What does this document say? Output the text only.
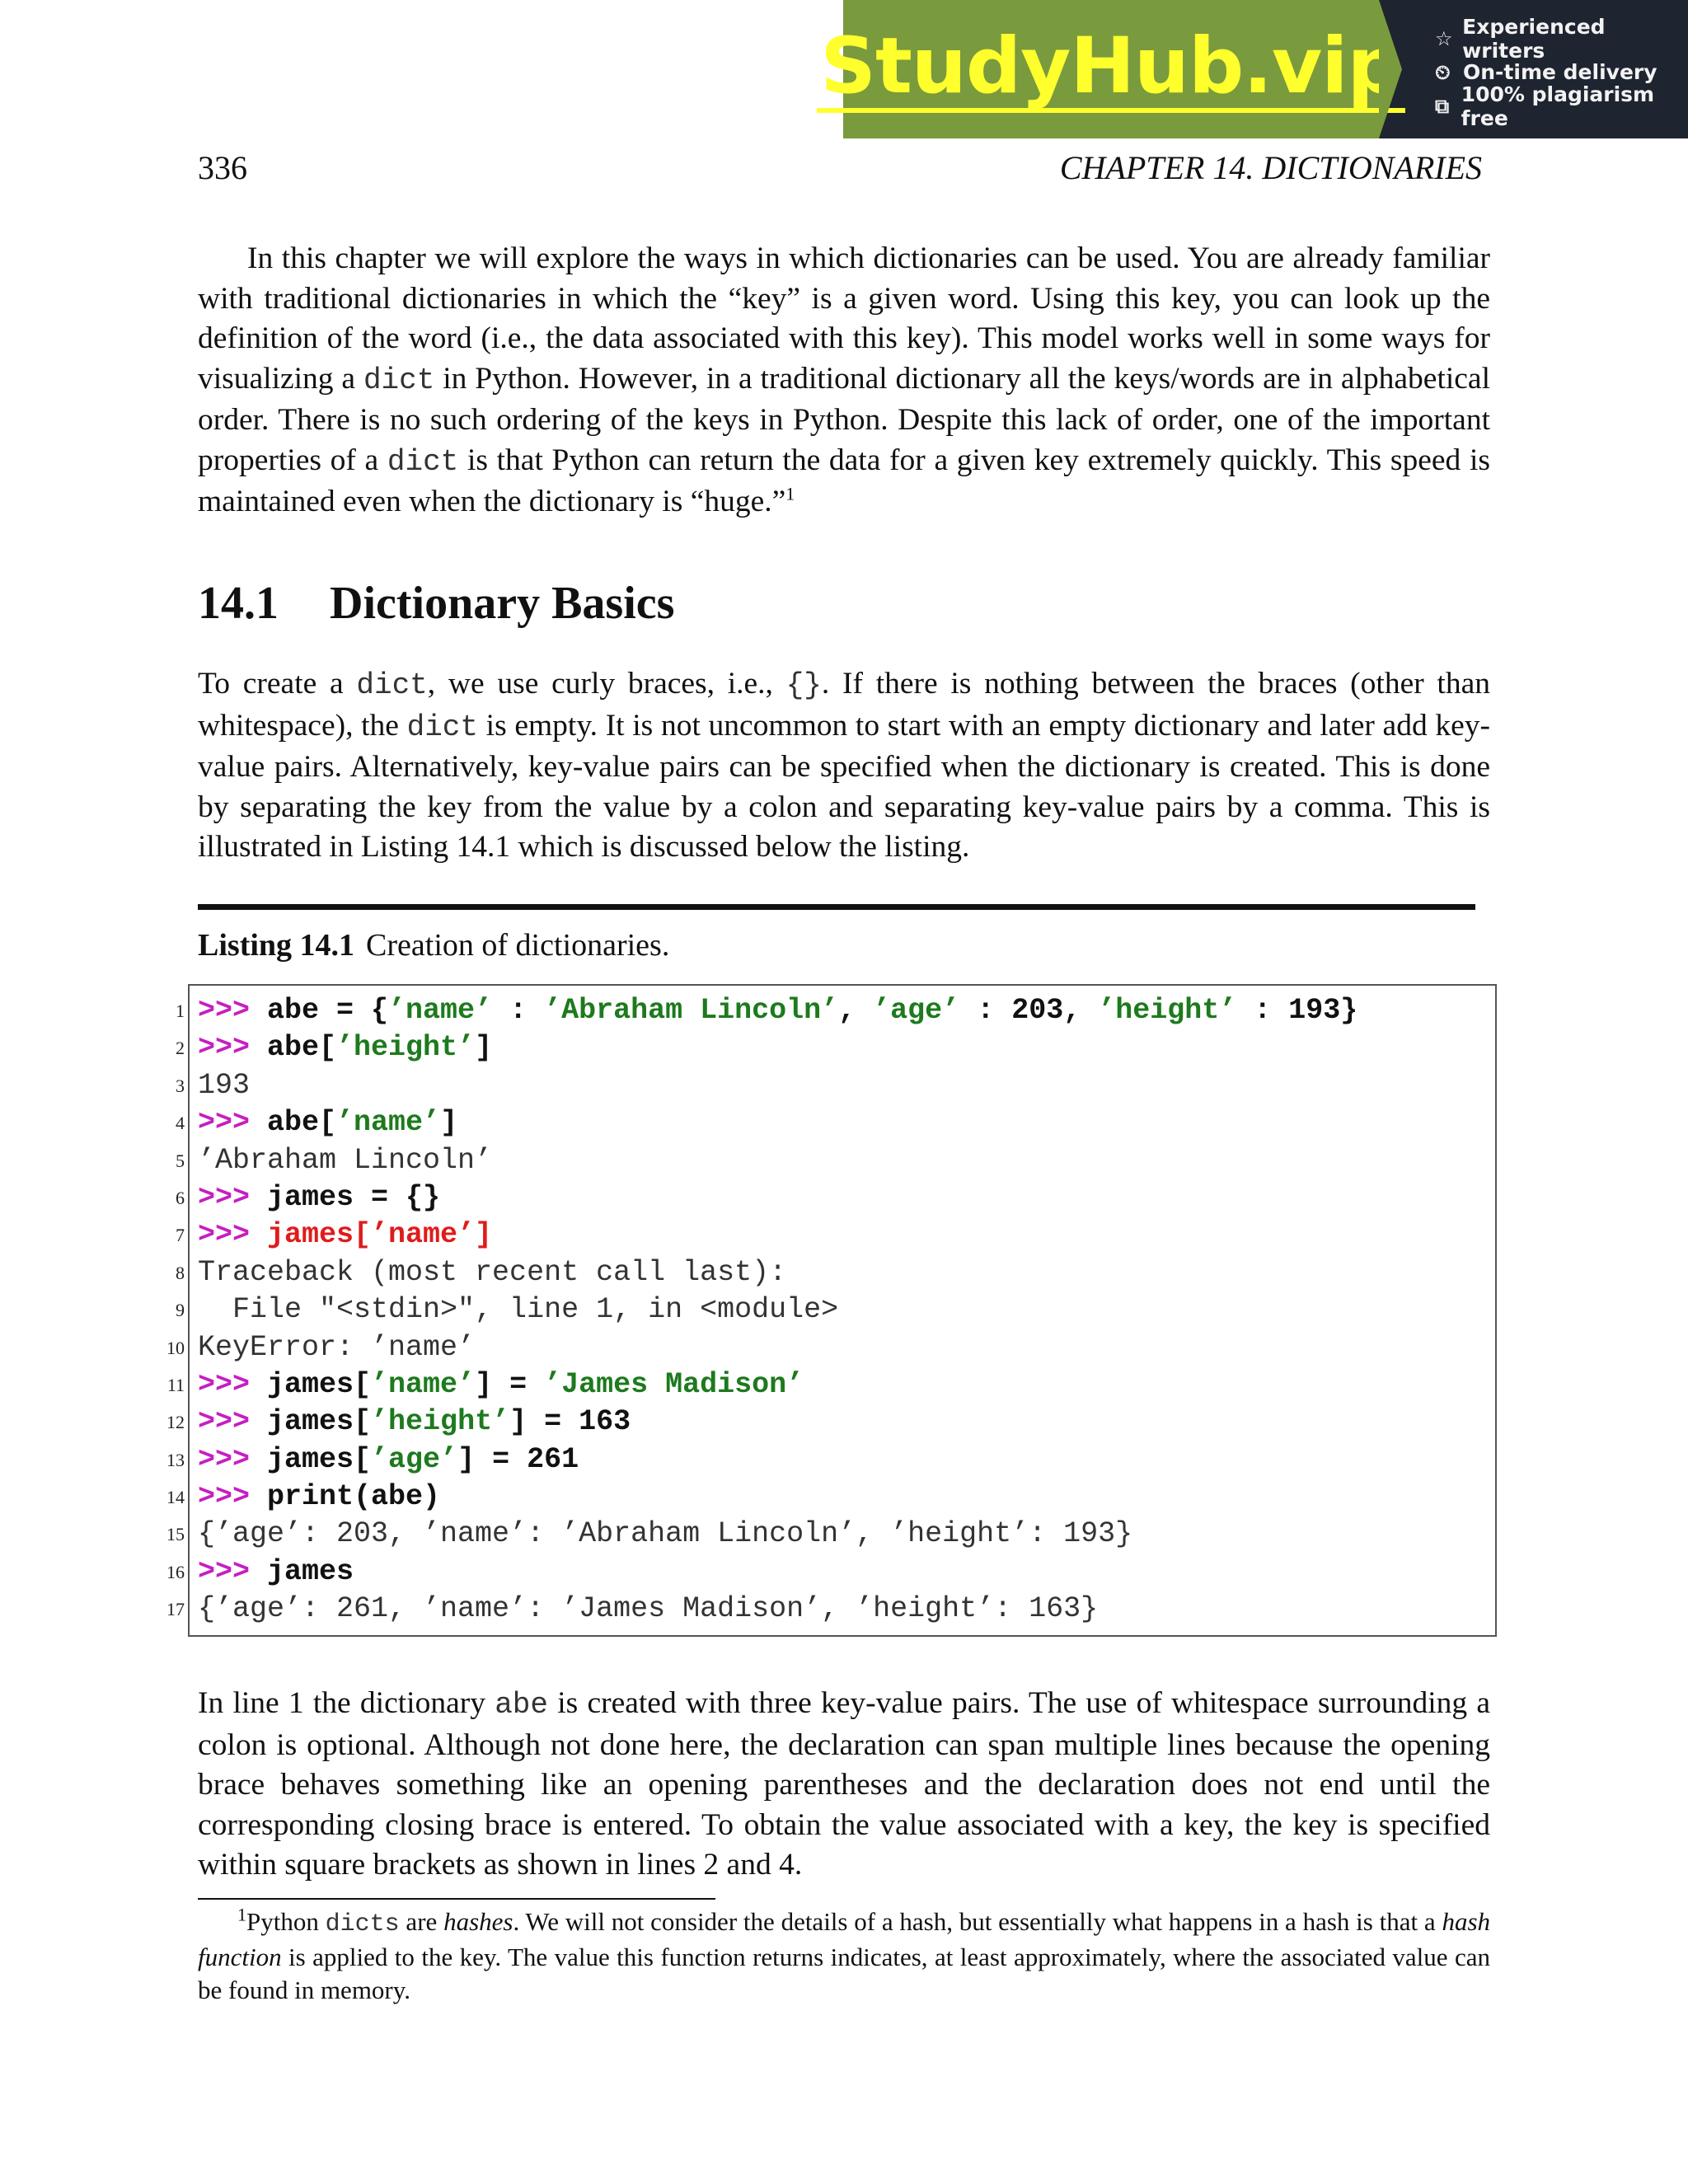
StudyHub.vip ☆ Experienced writers
⏲ On-time delivery
⧉ 100% plagiarism free
336	CHAPTER 14. DICTIONARIES

In this chapter we will explore the ways in which dictionaries can be used. You are already familiar with traditional dictionaries in which the “key” is a given word. Using this key, you can look up the definition of the word (i.e., the data associated with this key). This model works well in some ways for visualizing a dict in Python. However, in a traditional dictionary all the keys/words are in alphabetical order. There is no such ordering of the keys in Python. Despite this lack of order, one of the important properties of a dict is that Python can return the data for a given key extremely quickly. This speed is maintained even when the dictionary is “huge.”$^1$

14.1 Dictionary Basics

To create a dict, we use curly braces, i.e., {}. If there is nothing between the braces (other than whitespace), the dict is empty. It is not uncommon to start with an empty dictionary and later add key-value pairs. Alternatively, key-value pairs can be specified when the dictionary is created. This is done by separating the key from the value by a colon and separating key-value pairs by a comma. This is illustrated in Listing 14.1 which is discussed below the listing.

Listing 14.1 Creation of dictionaries.
1 >>> abe = {’name’ : ’Abraham Lincoln’, ’age’ : 203, ’height’ : 193}
2 >>> abe[’height’]
3 193
4 >>> abe[’name’]
5 ’Abraham Lincoln’
6 >>> james = {}
7 >>> james[’name’]
8 Traceback (most recent call last):
9 File "<stdin>", line 1, in <module>
10 KeyError: ’name’
11 >>> james[’name’] = ’James Madison’
12 >>> james[’height’] = 163
13 >>> james[’age’] = 261
14 >>> print(abe)
15 {’age’: 203, ’name’: ’Abraham Lincoln’, ’height’: 193}
16 >>> james
17 {’age’: 261, ’name’: ’James Madison’, ’height’: 163}

In line 1 the dictionary abe is created with three key-value pairs. The use of whitespace surrounding a colon is optional. Although not done here, the declaration can span multiple lines because the opening brace behaves something like an opening parentheses and the declaration does not end until the corresponding closing brace is entered. To obtain the value associated with a key, the key is specified within square brackets as shown in lines 2 and 4.

$^1$Python dicts are hashes. We will not consider the details of a hash, but essentially what happens in a hash is that a hash function is applied to the key. The value this function returns indicates, at least approximately, where the associated value can be found in memory.
